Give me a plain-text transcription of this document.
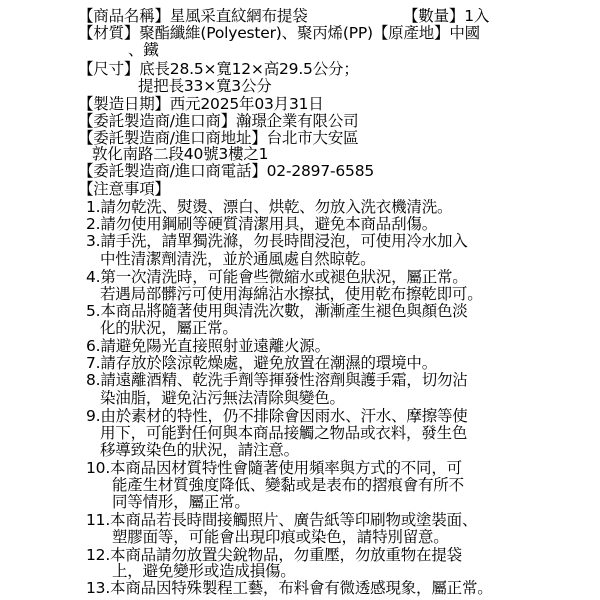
【商品名稱】星風采直紋網布提袋	【數量】1入
【材質】聚酯纖維(Polyester)、聚丙烯(PP)【原產地】中國
、鐵
【尺寸】底長28.5×寬12×高29.5公分；
提把長33×寬3公分
【製造日期】西元2025年03月31日
【委託製造商/進口商】瀚璟企業有限公司
【委託製造商/進口商地址】台北市大安區
敦化南路二段40號3樓之1
【委託製造商/進口商電話】02-2897-6585
【注意事項】
1.請勿乾洗、熨燙、漂白、烘乾、勿放入洗衣機清洗。
2.請勿使用鋼刷等硬質清潔用具，避免本商品刮傷。
3.請手洗，請單獨洗滌，勿長時間浸泡，可使用冷水加入
中性清潔劑清洗，並於通風處自然晾乾。
4.第一次清洗時，可能會些微縮水或褪色狀況，屬正常。
若遇局部髒污可使用海綿沾水擦拭，使用乾布擦乾即可。
5.本商品將隨著使用與清洗次數，漸漸產生褪色與顏色淡
化的狀況，屬正常。
6.請避免陽光直接照射並遠離火源。
7.請存放於陰涼乾燥處，避免放置在潮濕的環境中。
8.請遠離酒精、乾洗手劑等揮發性溶劑與護手霜，切勿沾
染油脂，避免沾污無法清除與變色。
9.由於素材的特性，仍不排除會因雨水、汗水、摩擦等使
用下，可能對任何與本商品接觸之物品或衣料，發生色
移導致染色的狀況，請注意。
10.本商品因材質特性會隨著使用頻率與方式的不同，可
能產生材質強度降低、變黏或是表布的摺痕會有所不
同等情形，屬正常。
11.本商品若長時間接觸照片、廣告紙等印刷物或塗裝面、
塑膠面等，可能會出現印痕或染色，請特別留意。
12.本商品請勿放置尖銳物品，勿重壓，勿放重物在提袋
上，避免變形或造成損傷。
13.本商品因特殊製程工藝，布料會有微透感現象，屬正常。
